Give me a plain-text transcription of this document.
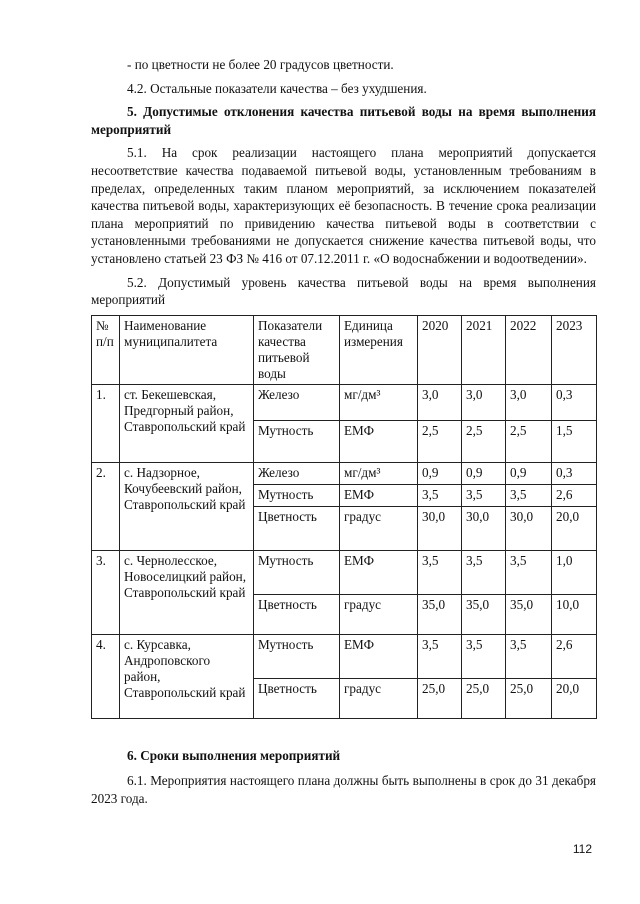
- по цветности не более 20 градусов цветности.

4.2. Остальные показатели качества – без ухудшения.

5. Допустимые отклонения качества питьевой воды на время выполнения мероприятий

5.1. На срок реализации настоящего плана мероприятий допускается несоответствие качества подаваемой питьевой воды, установленным требованиям в пределах, определенных таким планом мероприятий, за исключением показателей качества питьевой воды, характеризующих её безопасность. В течение срока реализации плана мероприятий по привидению качества питьевой воды в соответствии с установленными требованиями не допускается снижение качества питьевой воды, что установлено статьей 23 ФЗ № 416 от 07.12.2011 г. «О водоснабжении и водоотведении».

5.2. Допустимый уровень качества питьевой воды на время выполнения мероприятий

№ п/п	Наименование муниципалитета	Показатели качества питьевой воды	Единица измерения	2020	2021	2022	2023
1.	ст. Бекешевская, Предгорный район, Ставропольский край	Железо	мг/дм³	3,0	3,0	3,0	0,3
		Мутность	ЕМФ	2,5	2,5	2,5	1,5
2.	с. Надзорное, Кочубеевский район, Ставропольский край	Железо	мг/дм³	0,9	0,9	0,9	0,3
		Мутность	ЕМФ	3,5	3,5	3,5	2,6
		Цветность	градус	30,0	30,0	30,0	20,0
3.	с. Чернолесское, Новоселицкий район, Ставропольский край	Мутность	ЕМФ	3,5	3,5	3,5	1,0
		Цветность	градус	35,0	35,0	35,0	10,0
4.	с. Курсавка, Андроповского район, Ставропольский край	Мутность	ЕМФ	3,5	3,5	3,5	2,6
		Цветность	градус	25,0	25,0	25,0	20,0

6. Сроки выполнения мероприятий

6.1. Мероприятия настоящего плана должны быть выполнены в срок до 31 декабря 2023 года.

112
